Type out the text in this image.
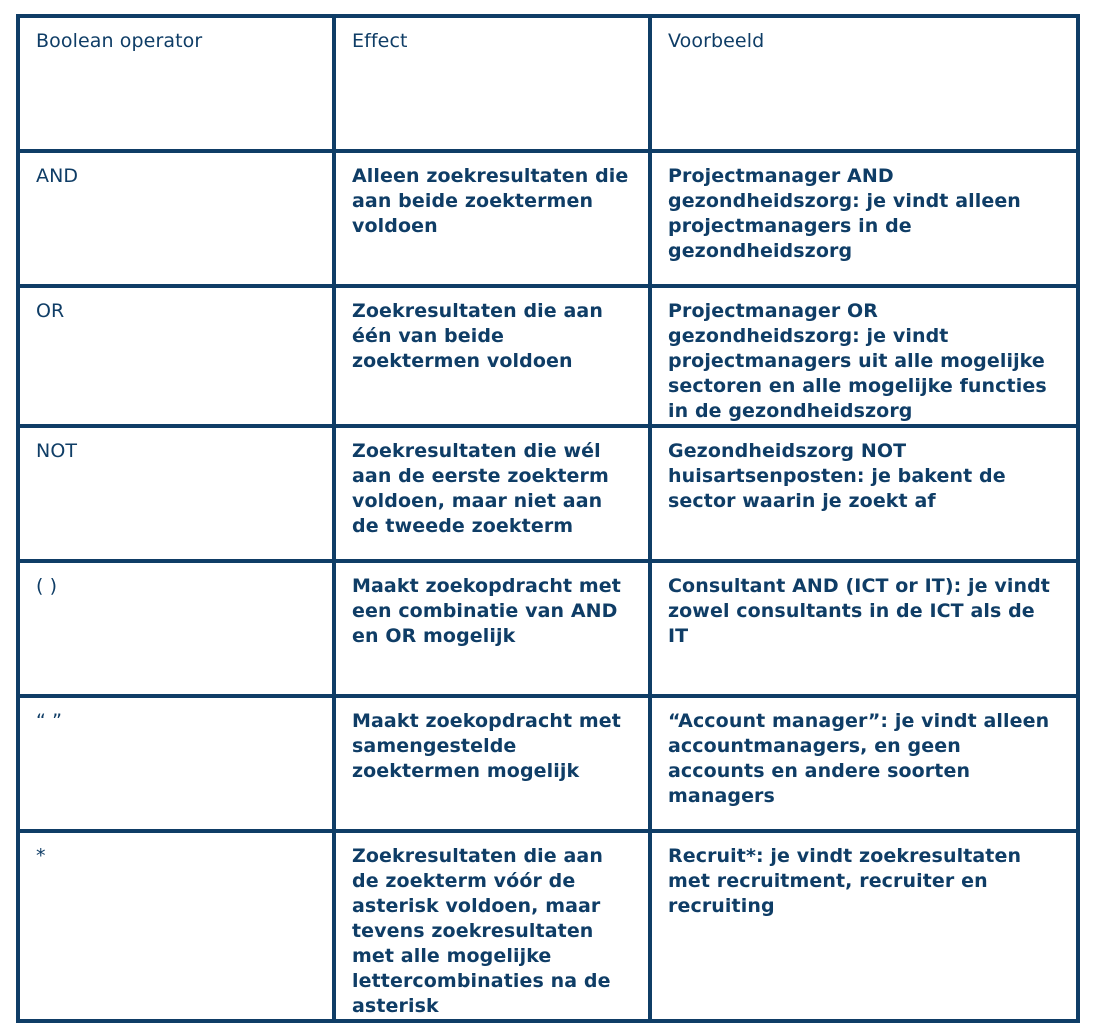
Boolean operator	Effect	Voorbeeld
AND	Alleen zoekresultaten die aan beide zoektermen voldoen	Projectmanager AND gezondheidszorg: je vindt alleen projectmanagers in de gezondheidszorg
OR	Zoekresultaten die aan één van beide zoektermen voldoen	Projectmanager OR gezondheidszorg: je vindt projectmanagers uit alle mogelijke sectoren en alle mogelijke functies in de gezondheidszorg
NOT	Zoekresultaten die wél aan de eerste zoekterm voldoen, maar niet aan de tweede zoekterm	Gezondheidszorg NOT huisartsenposten: je bakent de sector waarin je zoekt af
( )	Maakt zoekopdracht met een combinatie van AND en OR mogelijk	Consultant AND (ICT or IT): je vindt zowel consultants in de ICT als de IT
“ ”	Maakt zoekopdracht met samengestelde zoektermen mogelijk	“Account manager”: je vindt alleen accountmanagers, en geen accounts en andere soorten managers
*	Zoekresultaten die aan de zoekterm vóór de asterisk voldoen, maar tevens zoekresultaten met alle mogelijke lettercombinaties na de asterisk	Recruit*: je vindt zoekresultaten met recruitment, recruiter en recruiting
